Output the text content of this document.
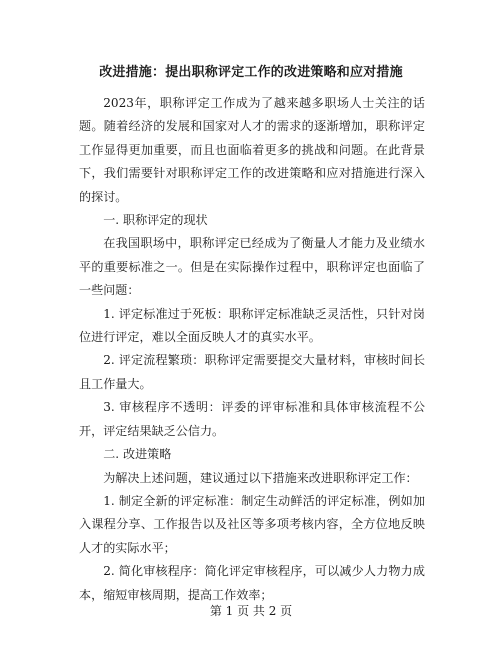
改进措施：提出职称评定工作的改进策略和应对措施

2023年，职称评定工作成为了越来越多职场人士关注的话题。随着经济的发展和国家对人才的需求的逐渐增加，职称评定工作显得更加重要，而且也面临着更多的挑战和问题。在此背景下，我们需要针对职称评定工作的改进策略和应对措施进行深入的探讨。

一. 职称评定的现状

在我国职场中，职称评定已经成为了衡量人才能力及业绩水平的重要标准之一。但是在实际操作过程中，职称评定也面临了一些问题：

1. 评定标准过于死板：职称评定标准缺乏灵活性，只针对岗位进行评定，难以全面反映人才的真实水平。

2. 评定流程繁琐：职称评定需要提交大量材料，审核时间长且工作量大。

3. 审核程序不透明：评委的评审标准和具体审核流程不公开，评定结果缺乏公信力。

二. 改进策略

为解决上述问题，建议通过以下措施来改进职称评定工作：

1. 制定全新的评定标准：制定生动鲜活的评定标准，例如加入课程分享、工作报告以及社区等多项考核内容，全方位地反映人才的实际水平；

2. 简化审核程序：简化评定审核程序，可以减少人力物力成本，缩短审核周期，提高工作效率；

第 1 页 共 2 页
